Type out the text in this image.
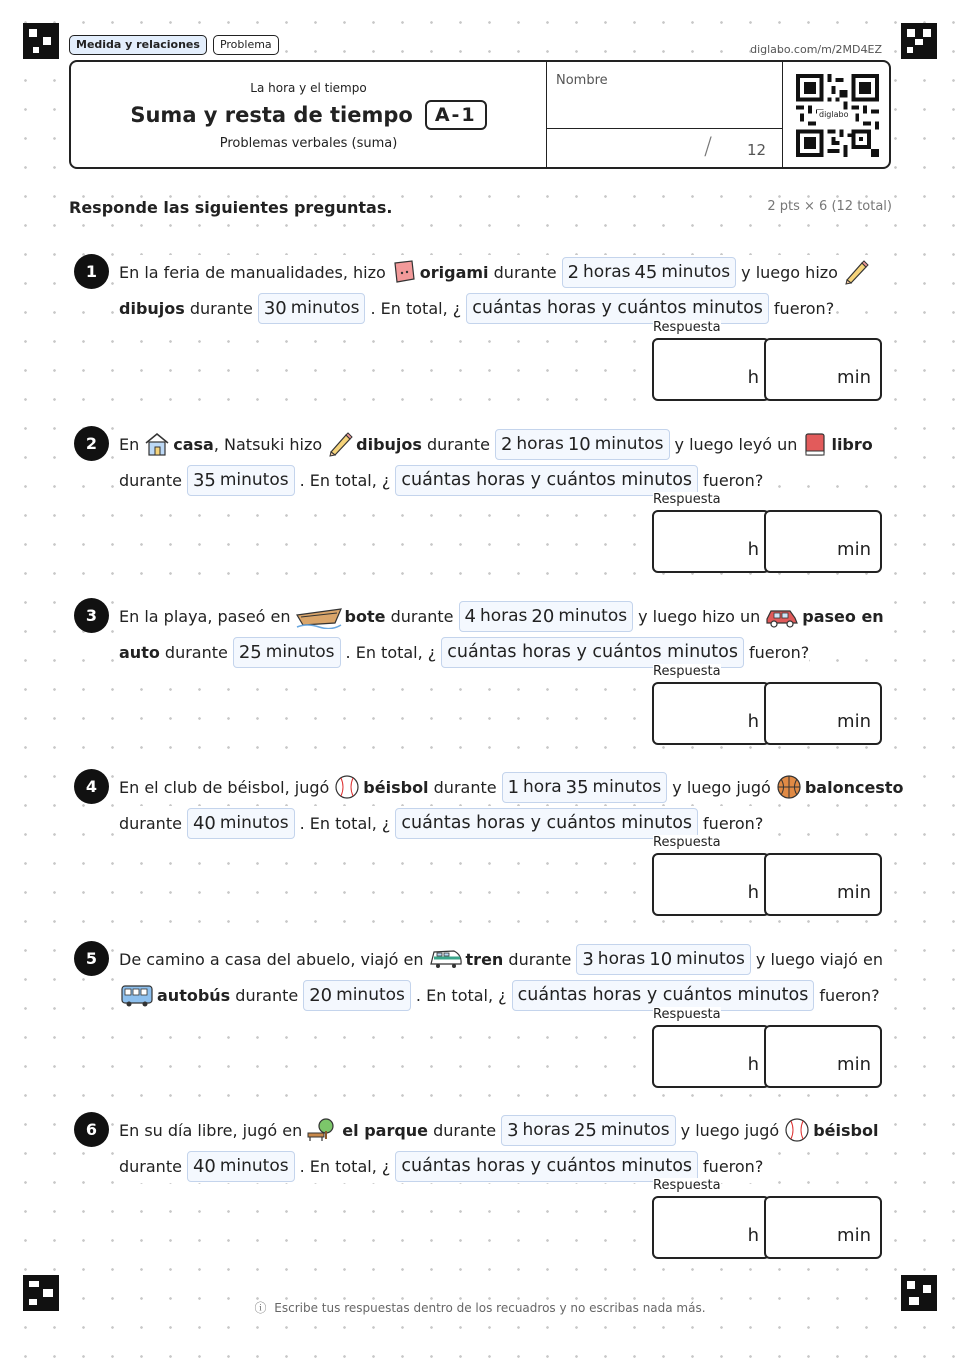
Medida y relaciones	Problema	diglabo.com/m/2MD4EZ
La hora y el tiempo
Suma y resta de tiempo	A-1
Problemas verbales (suma)
Nombre
/ 12
diglabo
Responde las siguientes preguntas.	2 pts × 6 (12 total)
1	En la feria de manualidades, hizo origami
durante 2 horas 45 minutos y luego hizo
dibujos
durante 30 minutos . En total, ¿ cuántas horas y cuántos minutos fueron?
Respuesta
h	min
2	En casa , Natsuki hizo dibujos
durante 2 horas 10 minutos y luego leyó un libro
durante 35 minutos . En total, ¿ cuántas horas y cuántos minutos fueron?
Respuesta
h	min
3	En la playa, paseó en	bote
durante 4 horas 20 minutos y luego hizo un	paseo en
auto
durante 25 minutos . En total, ¿ cuántas horas y cuántos minutos fueron?
Respuesta
h	min
4	En el club de béisbol, jugó béisbol
durante 1 hora 35 minutos y luego jugó baloncesto
durante 40 minutos . En total, ¿ cuántas horas y cuántos minutos fueron?
Respuesta
h	min
5	De camino a casa del abuelo, viajó en	tren
durante 3 horas 10 minutos y luego viajó en
autobús
durante 20 minutos . En total, ¿ cuántas horas y cuántos minutos fueron?
Respuesta
h	min
6	En su día libre, jugó en	el parque
durante 3 horas 25 minutos y luego jugó béisbol
durante 40 minutos . En total, ¿ cuántas horas y cuántos minutos fueron?
Respuesta
h	min
ⓘ Escribe tus respuestas dentro de los recuadros y no escribas nada más.
